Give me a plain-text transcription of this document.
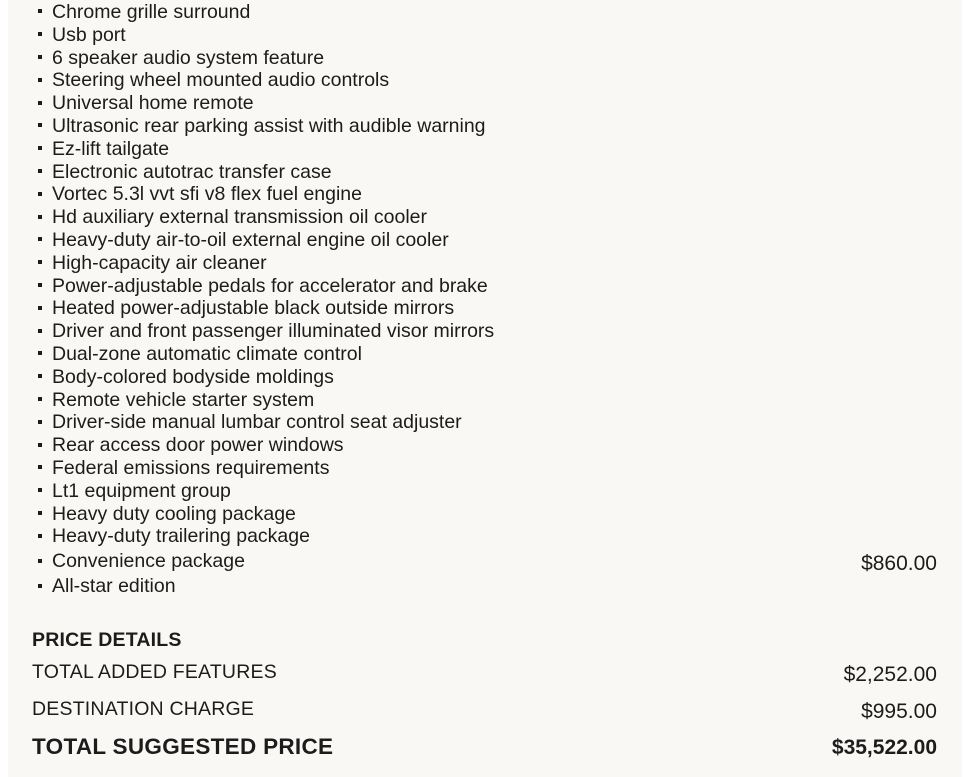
Chrome grille surround
Usb port
6 speaker audio system feature
Steering wheel mounted audio controls
Universal home remote
Ultrasonic rear parking assist with audible warning
Ez-lift tailgate
Electronic autotrac transfer case
Vortec 5.3l vvt sfi v8 flex fuel engine
Hd auxiliary external transmission oil cooler
Heavy-duty air-to-oil external engine oil cooler
High-capacity air cleaner
Power-adjustable pedals for accelerator and brake
Heated power-adjustable black outside mirrors
Driver and front passenger illuminated visor mirrors
Dual-zone automatic climate control
Body-colored bodyside moldings
Remote vehicle starter system
Driver-side manual lumbar control seat adjuster
Rear access door power windows
Federal emissions requirements
Lt1 equipment group
Heavy duty cooling package
Heavy-duty trailering package
Convenience package	$860.00
All-star edition
PRICE DETAILS
TOTAL ADDED FEATURES	$2,252.00
DESTINATION CHARGE	$995.00
TOTAL SUGGESTED PRICE	$35,522.00
